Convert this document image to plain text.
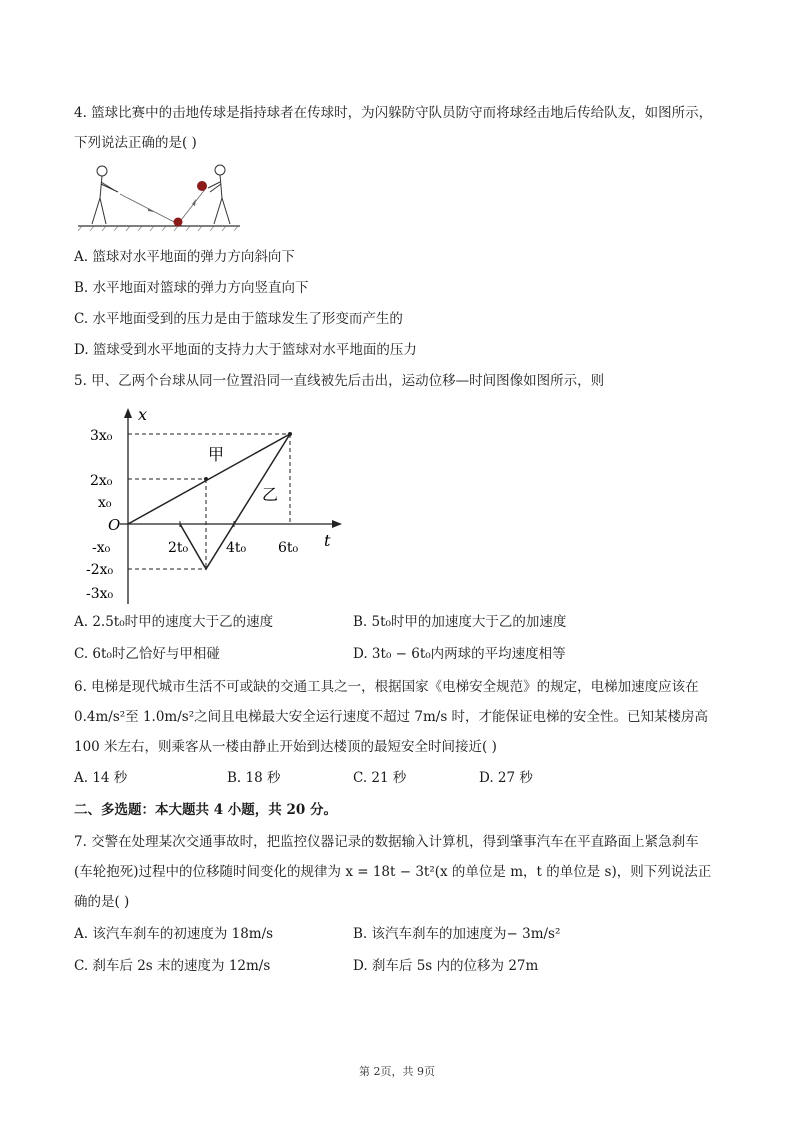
4. 篮球比赛中的击地传球是指持球者在传球时，为闪躲防守队员防守而将球经击地后传给队友，如图所示，
下列说法正确的是( )
A. 篮球对水平地面的弹力方向斜向下
B. 水平地面对篮球的弹力方向竖直向下
C. 水平地面受到的压力是由于篮球发生了形变而产生的
D. 篮球受到水平地面的支持力大于篮球对水平地面的压力
5. 甲、乙两个台球从同一位置沿同一直线被先后击出，运动位移—时间图像如图所示，则
x
t
O
3x₀
2x₀
x₀
-x₀
-2x₀
-3x₀
2t₀	4t₀ 6t₀
甲
乙
A. 2.5t₀时甲的速度大于乙的速度	B. 5t₀时甲的加速度大于乙的加速度
C. 6t₀时乙恰好与甲相碰	D. 3t₀ − 6t₀内两球的平均速度相等
6. 电梯是现代城市生活不可或缺的交通工具之一，根据国家《电梯安全规范》的规定，电梯加速度应该在
0.4m/s²至 1.0m/s²之间且电梯最大安全运行速度不超过 7m/s 时，才能保证电梯的安全性。已知某楼房高
100 米左右，则乘客从一楼由静止开始到达楼顶的最短安全时间接近( )
A. 14 秒	B. 18 秒	C. 21 秒	D. 27 秒
二、多选题：本大题共 4 小题，共 20 分。
7. 交警在处理某次交通事故时，把监控仪器记录的数据输入计算机，得到肇事汽车在平直路面上紧急刹车
(车轮抱死)过程中的位移随时间变化的规律为 x = 18t − 3t²(x 的单位是 m，t 的单位是 s)，则下列说法正
确的是( )
A. 该汽车刹车的初速度为 18m/s	B. 该汽车刹车的加速度为− 3m/s²
C. 刹车后 2s 末的速度为 12m/s	D. 刹车后 5s 内的位移为 27m
第 2页，共 9页
